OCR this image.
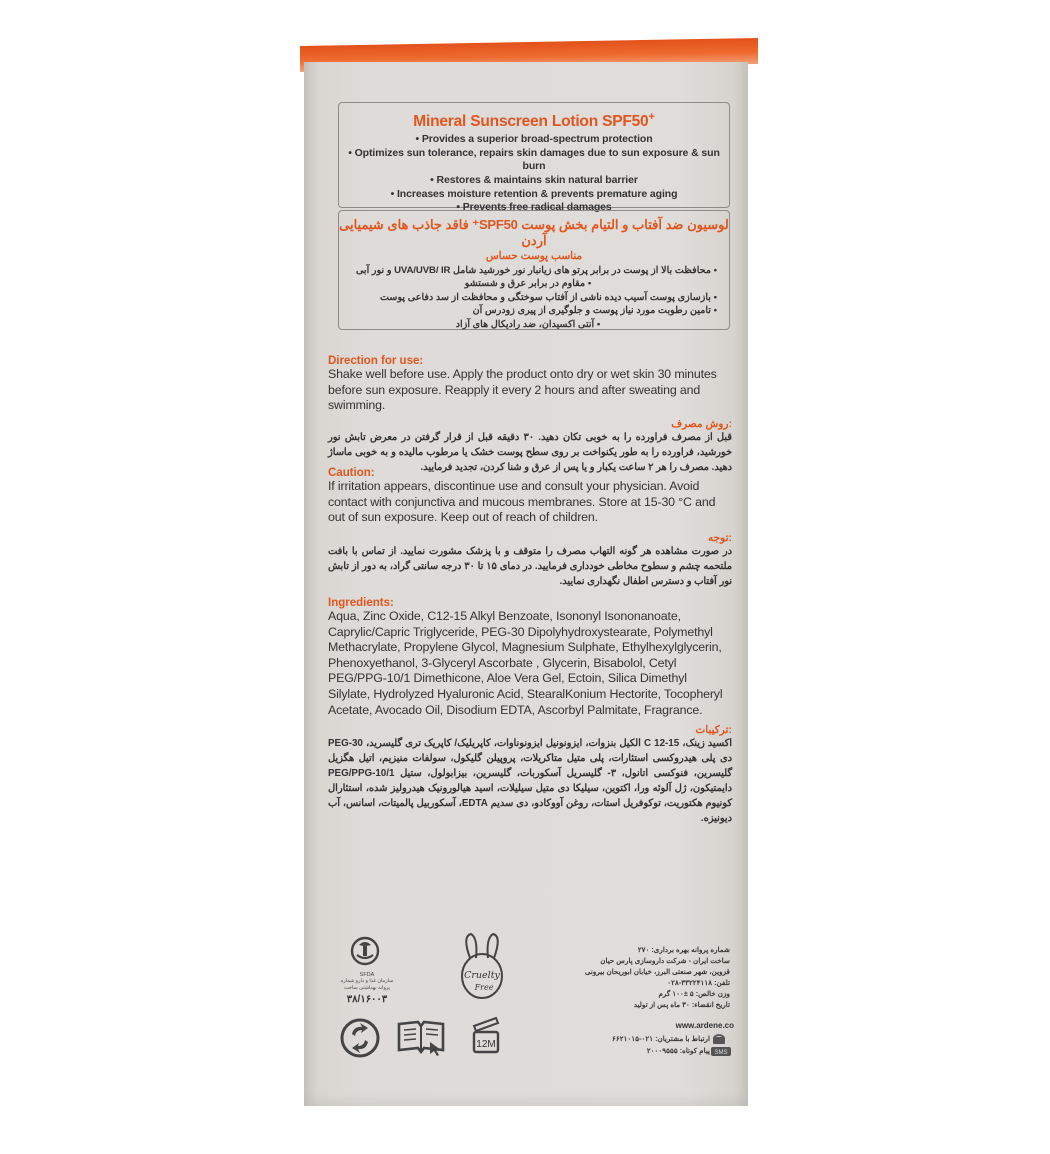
Mineral Sunscreen Lotion SPF50+
• Provides a superior broad-spectrum protection
• Optimizes sun tolerance, repairs skin damages due to sun exposure & sun burn
• Restores & maintains skin natural barrier
• Increases moisture retention & prevents premature aging
• Prevents free radical damages
لوسیون ضد آفتاب و التیام بخش پوست SPF50⁺ فاقد جاذب های شیمیایی آردن
مناسب پوست حساس
• محافظت بالا از پوست در برابر پرتو های زیانبار نور خورشید شامل UVA/UVB/ IR و نور آبی
• مقاوم در برابر عرق و شستشو
• بازسازی پوست آسیب دیده ناشی از آفتاب سوختگی و محافظت از سد دفاعی پوست
• تامین رطوبت مورد نیاز پوست و جلوگیری از پیری زودرس آن
• آنتی اکسیدان، ضد رادیکال های آزاد

Direction for use:

Shake well before use. Apply the product onto dry or wet skin 30 minutes before sun exposure. Reapply it every 2 hours and after sweating and swimming.

روش مصرف:

قبل از مصرف فراورده را به خوبی تکان دهید. ۳۰ دقیقه قبل از قرار گرفتن در معرض تابش نور خورشید، فراورده را به طور یکنواخت بر روی سطح پوست خشک یا مرطوب مالیده و به خوبی ماساژ دهید. مصرف را هر ۲ ساعت یکبار و یا پس از عرق و شنا کردن، تجدید فرمایید.

Caution:

If irritation appears, discontinue use and consult your physician. Avoid contact with conjunctiva and mucous membranes. Store at 15-30 °C and out of sun exposure. Keep out of reach of children.

توجه:

در صورت مشاهده هر گونه التهاب مصرف را متوقف و با پزشک مشورت نمایید. از تماس با بافت ملتحمه چشم و سطوح مخاطی خودداری فرمایید. در دمای ۱۵ تا ۳۰ درجه سانتی گراد، به دور از تابش نور آفتاب و دسترس اطفال نگهداری نمایید.

Ingredients:

Aqua, Zinc Oxide, C12-15 Alkyl Benzoate, Isononyl Isononanoate, Caprylic/Capric Triglyceride, PEG-30 Dipolyhydroxystearate, Polymethyl Methacrylate, Propylene Glycol, Magnesium Sulphate, Ethylhexylglycerin, Phenoxyethanol, 3-Glyceryl Ascorbate , Glycerin, Bisabolol, Cetyl PEG/PPG-10/1 Dimethicone, Aloe Vera Gel, Ectoin, Silica Dimethyl Silylate, Hydrolyzed Hyaluronic Acid, StearalKonium Hectorite, Tocopheryl Acetate, Avocado Oil, Disodium EDTA, Ascorbyl Palmitate, Fragrance.

ترکیبات:

اکسید زینک، C 12-15 الکیل بنزوات، ایزونونیل ایزونوناوات، کاپریلیک/ کاپریک تری گلیسرید، PEG-30 دی پلی هیدروکسی استئارات، پلی متیل متاکریلات، پروپیلن گلیکول، سولفات منیزیم، اتیل هگزیل گلیسرین، فنوکسی اتانول، ۳- گلیسریل آسکوربات، گلیسرین، بیزابولول، ستیل PEG/PPG-10/1 دایمتیکون، ژل آلوئه ورا، اکتوین، سیلیکا دی متیل سیلیلات، اسید هیالورونیک هیدرولیز شده، استئارال کونیوم هکتوریت، توکوفریل استات، روغن آووکادو، دی سدیم EDTA، آسکوربیل پالمیتات، اسانس، آب دیونیزه.

شماره پروانه بهره برداری: ۲۷۰
ساخت ایران - شرکت داروسازی پارس حیان
قزوین، شهر صنعتی البرز، خیابان ابوریحان بیرونی
تلفن: ۳۳۲۲۴۱۱۸-۰۲۸
وزن خالص: ۵ ±۱۰۰ گرم
تاریخ انقضاء: ۳۰ ماه پس از تولید
www.ardene.co
ارتباط با مشتریان: ۰۲۱-۶۶۲۱۰۱۵
پیام کوتاه: ۲۰۰۰۹۵۵۵ SMS
SFDA
سازمان غذا و دارو شماره پروانه بهداشتی ساخت
۳۸/۱۶۰۰۳
Cruelty
Free
12M
